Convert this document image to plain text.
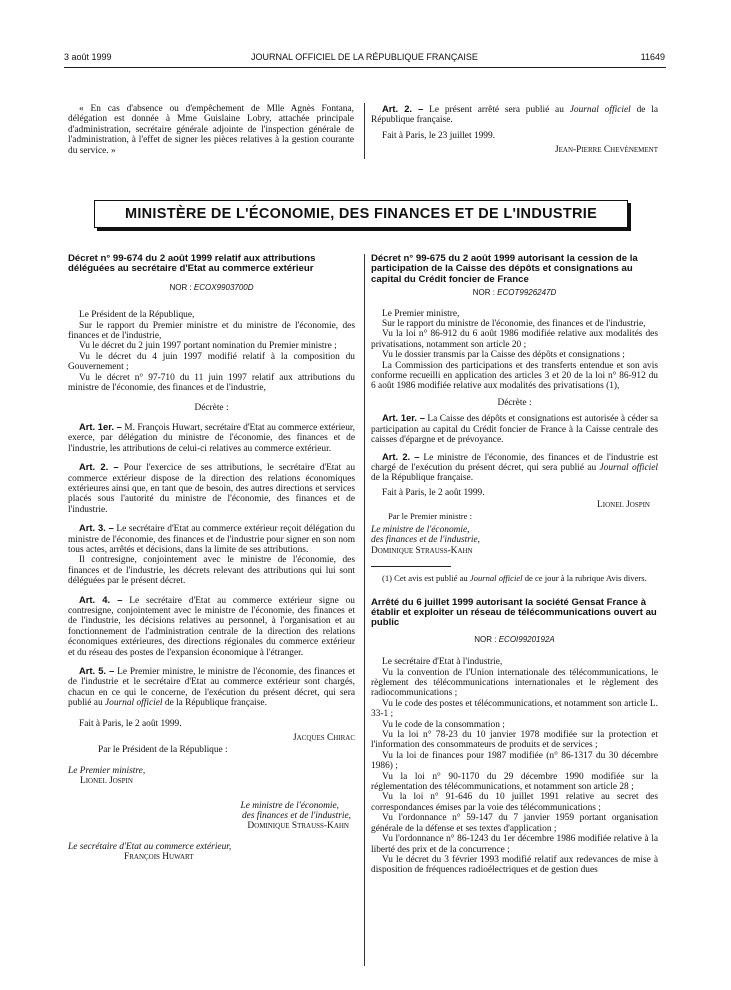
3 août 1999	JOURNAL OFFICIEL DE LA RÉPUBLIQUE FRANÇAISE	11649

« En cas d'absence ou d'empêchement de Mlle Agnès Fontana, délégation est donnée à Mme Guislaine Lobry, attachée principale d'administration, secrétaire générale adjointe de l'inspection générale de l'administration, à l'effet de signer les pièces relatives à la gestion courante du service. »

Art. 2. – Le présent arrêté sera publié au Journal officiel de la République française.

Fait à Paris, le 23 juillet 1999.

Jean-Pierre Chevènement

MINISTÈRE DE L'ÉCONOMIE, DES FINANCES ET DE L'INDUSTRIE
Décret n° 99-674 du 2 août 1999 relatif aux attributions déléguées au secrétaire d'Etat au commerce extérieur
NOR : ECOX9903700D

Le Président de la République,

Sur le rapport du Premier ministre et du ministre de l'économie, des finances et de l'industrie,

Vu le décret du 2 juin 1997 portant nomination du Premier ministre ;

Vu le décret du 4 juin 1997 modifié relatif à la composition du Gouvernement ;

Vu le décret n° 97-710 du 11 juin 1997 relatif aux attributions du ministre de l'économie, des finances et de l'industrie,

Décrète :

Art. 1er. – M. François Huwart, secrétaire d'Etat au commerce extérieur, exerce, par délégation du ministre de l'économie, des finances et de l'industrie, les attributions de celui-ci relatives au commerce extérieur.

Art. 2. – Pour l'exercice de ses attributions, le secrétaire d'Etat au commerce extérieur dispose de la direction des relations économiques extérieures ainsi que, en tant que de besoin, des autres directions et services placés sous l'autorité du ministre de l'économie, des finances et de l'industrie.

Art. 3. – Le secrétaire d'Etat au commerce extérieur reçoit délégation du ministre de l'économie, des finances et de l'industrie pour signer en son nom tous actes, arrêtés et décisions, dans la limite de ses attributions.

Il contresigne, conjointement avec le ministre de l'économie, des finances et de l'industrie, les décrets relevant des attributions qui lui sont déléguées par le présent décret.

Art. 4. – Le secrétaire d'Etat au commerce extérieur signe ou contresigne, conjointement avec le ministre de l'économie, des finances et de l'industrie, les décisions relatives au personnel, à l'organisation et au fonctionnement de l'administration centrale de la direction des relations économiques extérieures, des directions régionales du commerce extérieur et du réseau des postes de l'expansion économique à l'étranger.

Art. 5. – Le Premier ministre, le ministre de l'économie, des finances et de l'industrie et le secrétaire d'Etat au commerce extérieur sont chargés, chacun en ce qui le concerne, de l'exécution du présent décret, qui sera publié au Journal officiel de la République française.

Fait à Paris, le 2 août 1999.

Jacques Chirac

Par le Président de la République :

Le Premier ministre,

Lionel Jospin

Le ministre de l'économie,

des finances et de l'industrie,

Dominique Strauss-Kahn

Le secrétaire d'Etat au commerce extérieur,

François Huwart

Décret n° 99-675 du 2 août 1999 autorisant la cession de la participation de la Caisse des dépôts et consignations au capital du Crédit foncier de France
NOR : ECOT9926247D

Le Premier ministre,

Sur le rapport du ministre de l'économie, des finances et de l'industrie,

Vu la loi n° 86-912 du 6 août 1986 modifiée relative aux modalités des privatisations, notamment son article 20 ;

Vu le dossier transmis par la Caisse des dépôts et consignations ;

La Commission des participations et des transferts entendue et son avis conforme recueilli en application des articles 3 et 20 de la loi n° 86-912 du 6 août 1986 modifiée relative aux modalités des privatisations (1),

Décrète :

Art. 1er. – La Caisse des dépôts et consignations est autorisée à céder sa participation au capital du Crédit foncier de France à la Caisse centrale des caisses d'épargne et de prévoyance.

Art. 2. – Le ministre de l'économie, des finances et de l'industrie est chargé de l'exécution du présent décret, qui sera publié au Journal officiel de la République française.

Fait à Paris, le 2 août 1999.

Lionel Jospin

Par le Premier ministre :

Le ministre de l'économie,

des finances et de l'industrie,

Dominique Strauss-Kahn

(1) Cet avis est publié au Journal officiel de ce jour à la rubrique Avis divers.

Arrêté du 6 juillet 1999 autorisant la société Gensat France à établir et exploiter un réseau de télécommunications ouvert au public
NOR : ECOI9920192A

Le secrétaire d'Etat à l'industrie,

Vu la convention de l'Union internationale des télécommunications, le règlement des télécommunications internationales et le règlement des radiocommunications ;

Vu le code des postes et télécommunications, et notamment son article L. 33-1 ;

Vu le code de la consommation ;

Vu la loi n° 78-23 du 10 janvier 1978 modifiée sur la protection et l'information des consommateurs de produits et de services ;

Vu la loi de finances pour 1987 modifiée (n° 86-1317 du 30 décembre 1986) ;

Vu la loi n° 90-1170 du 29 décembre 1990 modifiée sur la réglementation des télécommunications, et notamment son article 28 ;

Vu la loi n° 91-646 du 10 juillet 1991 relative au secret des correspondances émises par la voie des télécommunications ;

Vu l'ordonnance n° 59-147 du 7 janvier 1959 portant organisation générale de la défense et ses textes d'application ;

Vu l'ordonnance n° 86-1243 du 1er décembre 1986 modifiée relative à la liberté des prix et de la concurrence ;

Vu le décret du 3 février 1993 modifié relatif aux redevances de mise à disposition de fréquences radioélectriques et de gestion dues
